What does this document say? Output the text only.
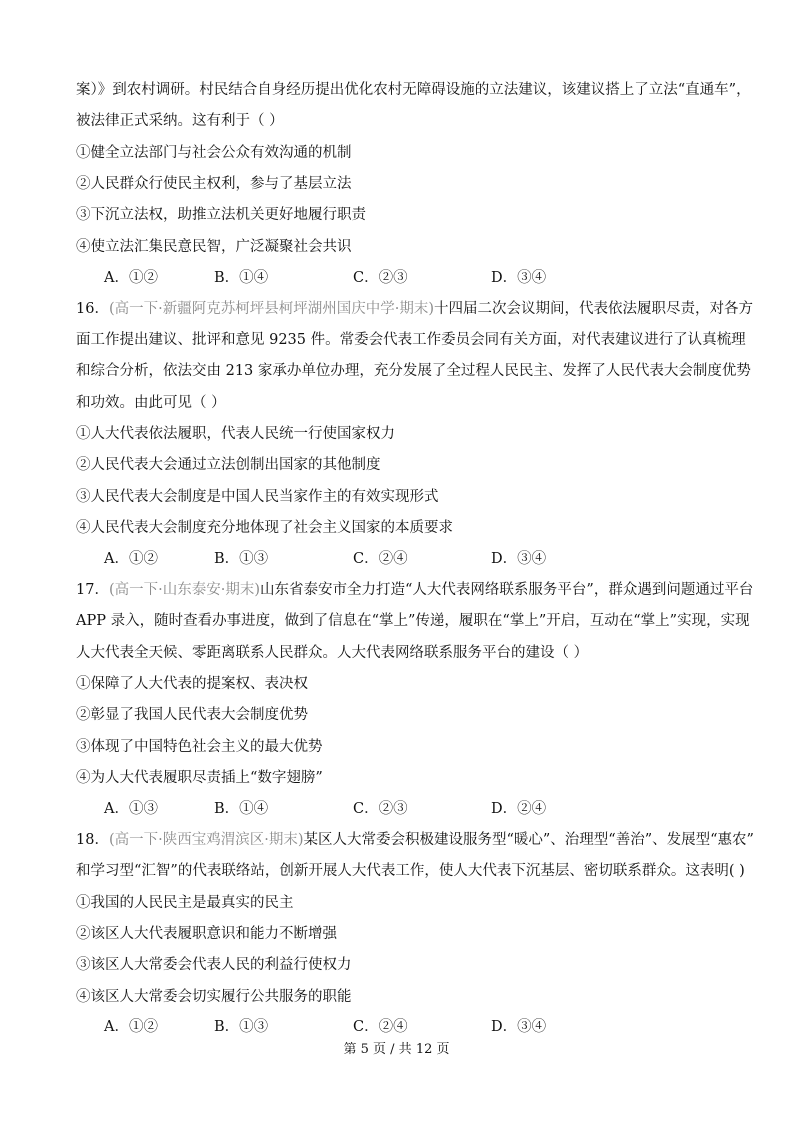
案）》到农村调研。村民结合自身经历提出优化农村无障碍设施的立法建议，该建议搭上了立法“直通车”，
被法律正式采纳。这有利于（ ）
①健全立法部门与社会公众有效沟通的机制
②人民群众行使民主权利，参与了基层立法
③下沉立法权，助推立法机关更好地履行职责
④使立法汇集民意民智，广泛凝聚社会共识
A．①②	B．①④	C．②③	D．③④
16．(高一下·新疆阿克苏柯坪县柯坪湖州国庆中学·期末)十四届二次会议期间，代表依法履职尽责，对各方
面工作提出建议、批评和意见 9235 件。常委会代表工作委员会同有关方面，对代表建议进行了认真梳理
和综合分析，依法交由 213 家承办单位办理，充分发展了全过程人民民主、发挥了人民代表大会制度优势
和功效。由此可见（ ）
①人大代表依法履职，代表人民统一行使国家权力
②人民代表大会通过立法创制出国家的其他制度
③人民代表大会制度是中国人民当家作主的有效实现形式
④人民代表大会制度充分地体现了社会主义国家的本质要求
A．①②	B．①③	C．②④	D．③④
17．(高一下·山东泰安·期末)山东省泰安市全力打造“人大代表网络联系服务平台”，群众遇到问题通过平台
APP 录入，随时查看办事进度，做到了信息在“掌上”传递，履职在“掌上”开启，互动在“掌上”实现，实现
人大代表全天候、零距离联系人民群众。人大代表网络联系服务平台的建设（ ）
①保障了人大代表的提案权、表决权
②彰显了我国人民代表大会制度优势
③体现了中国特色社会主义的最大优势
④为人大代表履职尽责插上“数字翅膀”
A．①③	B．①④	C．②③	D．②④
18．(高一下·陕西宝鸡渭滨区·期末)某区人大常委会积极建设服务型“暖心”、治理型“善治”、发展型“惠农”
和学习型“汇智”的代表联络站，创新开展人大代表工作，使人大代表下沉基层、密切联系群众。这表明( )
①我国的人民民主是最真实的民主
②该区人大代表履职意识和能力不断增强
③该区人大常委会代表人民的利益行使权力
④该区人大常委会切实履行公共服务的职能
A．①②	B．①③	C．②④	D．③④
第 5 页 / 共 12 页
